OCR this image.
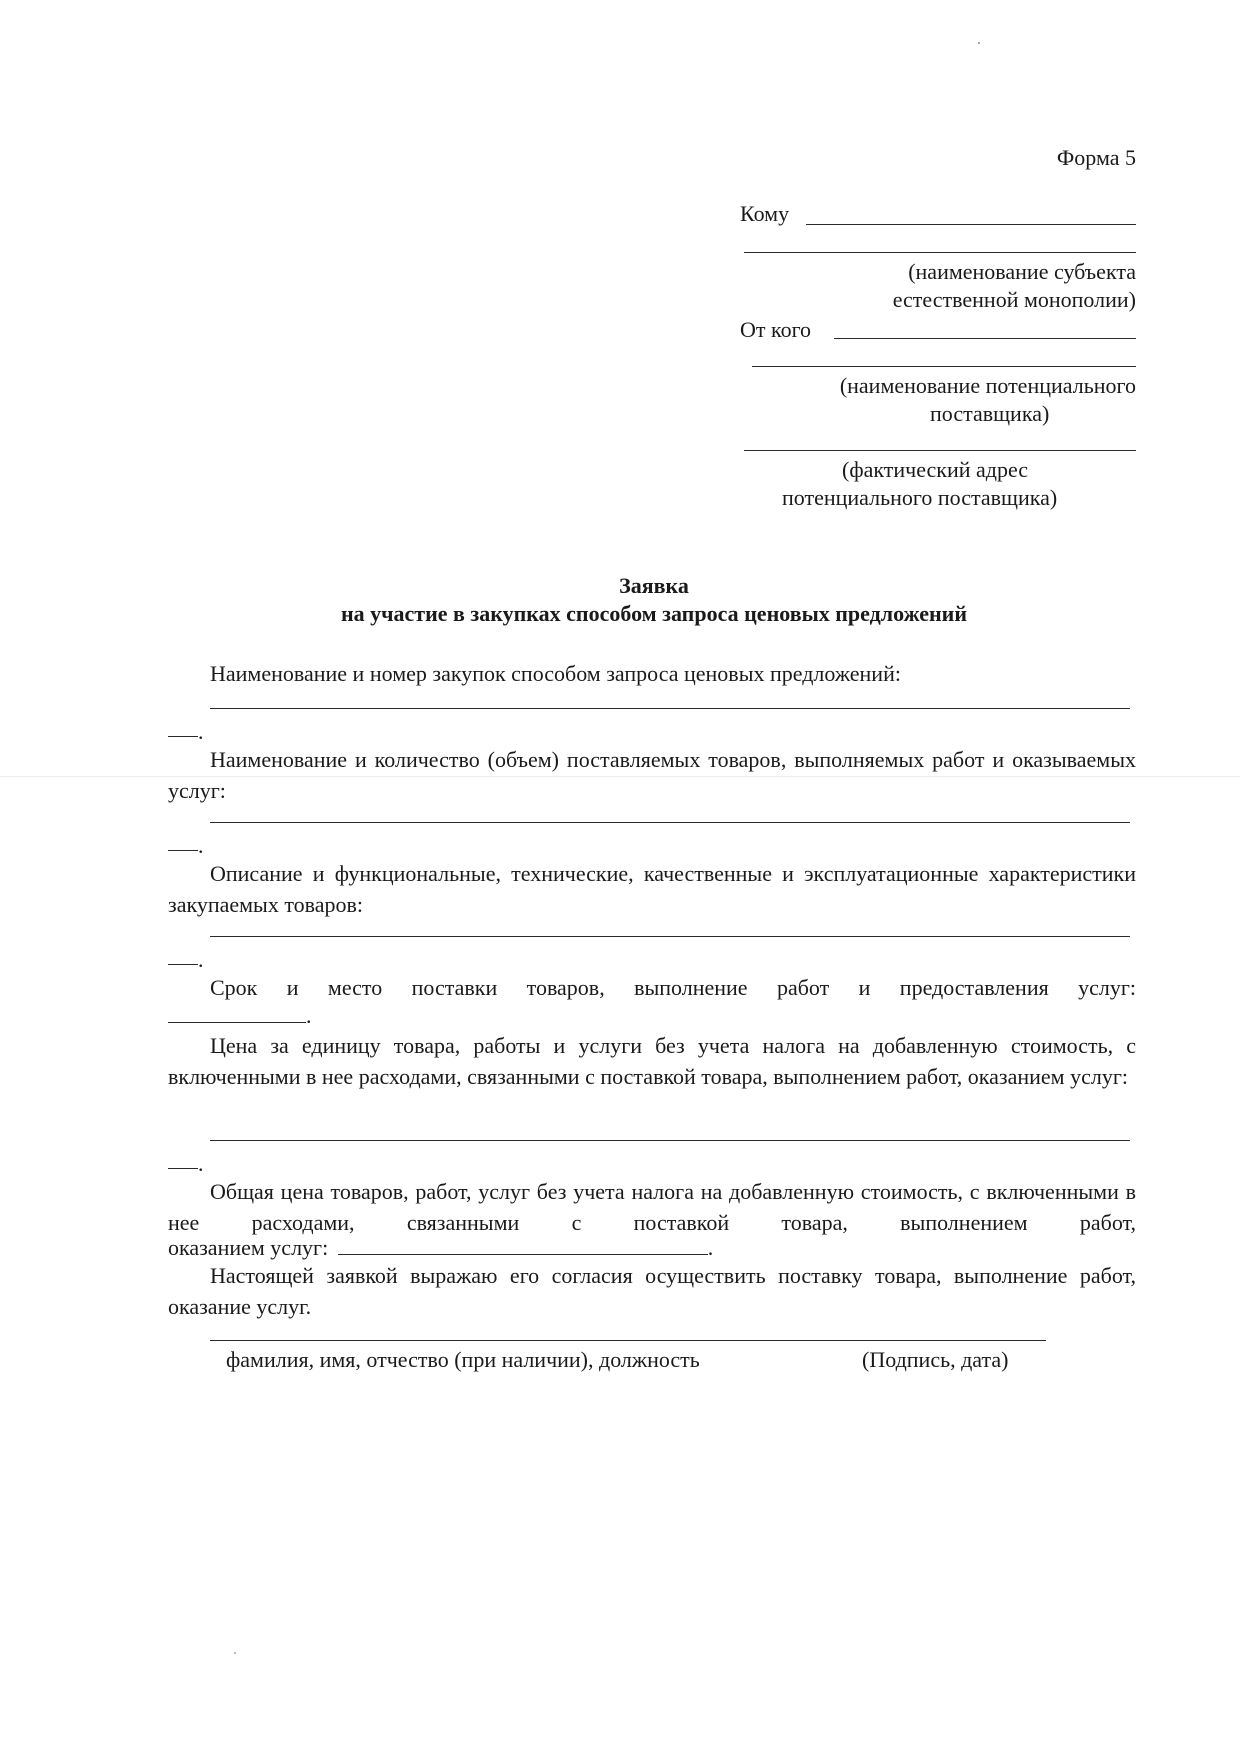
Форма 5
Кому
(наименование субъекта
естественной монополии)
От кого
(наименование потенциального
поставщика)
(фактический адрес
потенциального поставщика)
Заявка
на участие в закупках способом запроса ценовых предложений
Наименование и номер закупок способом запроса ценовых предложений:
.
Наименование и количество (объем) поставляемых товаров, выполняемых работ и оказываемых услуг:
.
Описание и функциональные, технические, качественные и эксплуатационные характеристики закупаемых товаров:
.
Срок и место поставки товаров, выполнение работ и предоставления услуг:
.
Цена за единицу товара, работы и услуги без учета налога на добавленную стоимость, с включенными в нее расходами, связанными с поставкой товара, выполнением работ, оказанием услуг:
.
Общая цена товаров, работ, услуг без учета налога на добавленную стоимость, с включенными в нее расходами, связанными с поставкой товара, выполнением работ,
оказанием услуг:	.
Настоящей заявкой выражаю его согласия осуществить поставку товара, выполнение работ, оказание услуг.
фамилия, имя, отчество (при наличии), должность	(Подпись, дата)
